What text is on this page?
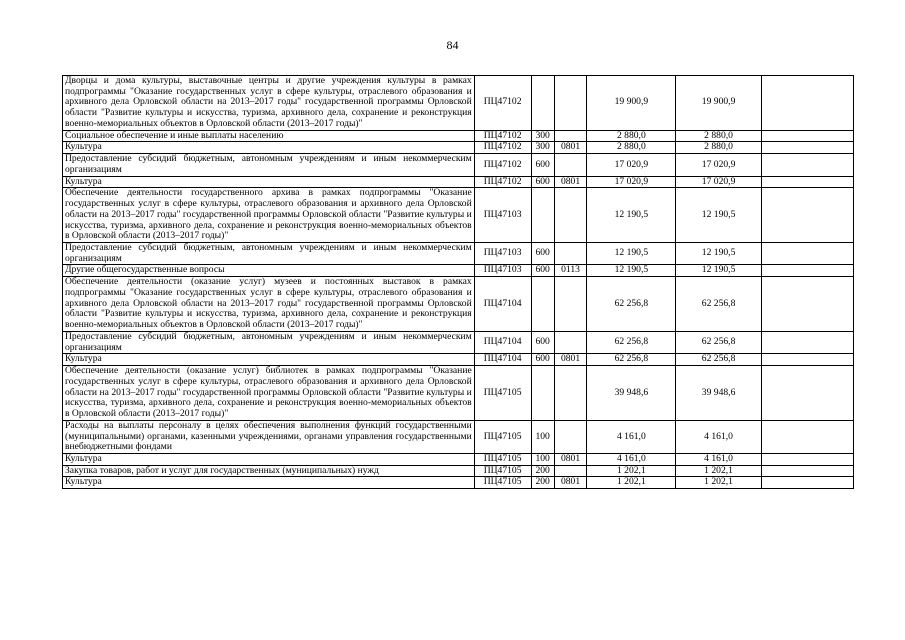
84
Дворцы и дома культуры, выставочные центры и другие учреждения культуры в рамках подпрограммы "Оказание государственных услуг в сфере культуры, отраслевого образования и архивного дела Орловской области на 2013–2017 годы" государственной программы Орловской области "Развитие культуры и искусства, туризма, архивного дела, сохранение и реконструкция военно-мемориальных объектов в Орловской области (2013–2017 годы)"	ПЦ47102			19 900,9	19 900,9	
Социальное обеспечение и иные выплаты населению	ПЦ47102	300		2 880,0	2 880,0	
Культура	ПЦ47102	300	0801	2 880,0	2 880,0	
Предоставление субсидий бюджетным, автономным учреждениям и иным некоммерческим организациям	ПЦ47102	600		17 020,9	17 020,9	
Культура	ПЦ47102	600	0801	17 020,9	17 020,9	
Обеспечение деятельности государственного архива в рамках подпрограммы "Оказание государственных услуг в сфере культуры, отраслевого образования и архивного дела Орловской области на 2013–2017 годы" государственной программы Орловской области "Развитие культуры и искусства, туризма, архивного дела, сохранение и реконструкция военно-мемориальных объектов в Орловской области (2013–2017 годы)"	ПЦ47103			12 190,5	12 190,5	
Предоставление субсидий бюджетным, автономным учреждениям и иным некоммерческим организациям	ПЦ47103	600		12 190,5	12 190,5	
Другие общегосударственные вопросы	ПЦ47103	600	0113	12 190,5	12 190,5	
Обеспечение деятельности (оказание услуг) музеев и постоянных выставок в рамках подпрограммы "Оказание государственных услуг в сфере культуры, отраслевого образования и архивного дела Орловской области на 2013–2017 годы" государственной программы Орловской области "Развитие культуры и искусства, туризма, архивного дела, сохранение и реконструкция военно-мемориальных объектов в Орловской области (2013–2017 годы)"	ПЦ47104			62 256,8	62 256,8	
Предоставление субсидий бюджетным, автономным учреждениям и иным некоммерческим организациям	ПЦ47104	600		62 256,8	62 256,8	
Культура	ПЦ47104	600	0801	62 256,8	62 256,8	
Обеспечение деятельности (оказание услуг) библиотек в рамках подпрограммы "Оказание государственных услуг в сфере культуры, отраслевого образования и архивного дела Орловской области на 2013–2017 годы" государственной программы Орловской области "Развитие культуры и искусства, туризма, архивного дела, сохранение и реконструкция военно-мемориальных объектов в Орловской области (2013–2017 годы)"	ПЦ47105			39 948,6	39 948,6	
Расходы на выплаты персоналу в целях обеспечения выполнения функций государственными (муниципальными) органами, казенными учреждениями, органами управления государственными внебюджетными фондами	ПЦ47105	100		4 161,0	4 161,0	
Культура	ПЦ47105	100	0801	4 161,0	4 161,0	
Закупка товаров, работ и услуг для государственных (муниципальных) нужд	ПЦ47105	200		1 202,1	1 202,1	
Культура	ПЦ47105	200	0801	1 202,1	1 202,1	
